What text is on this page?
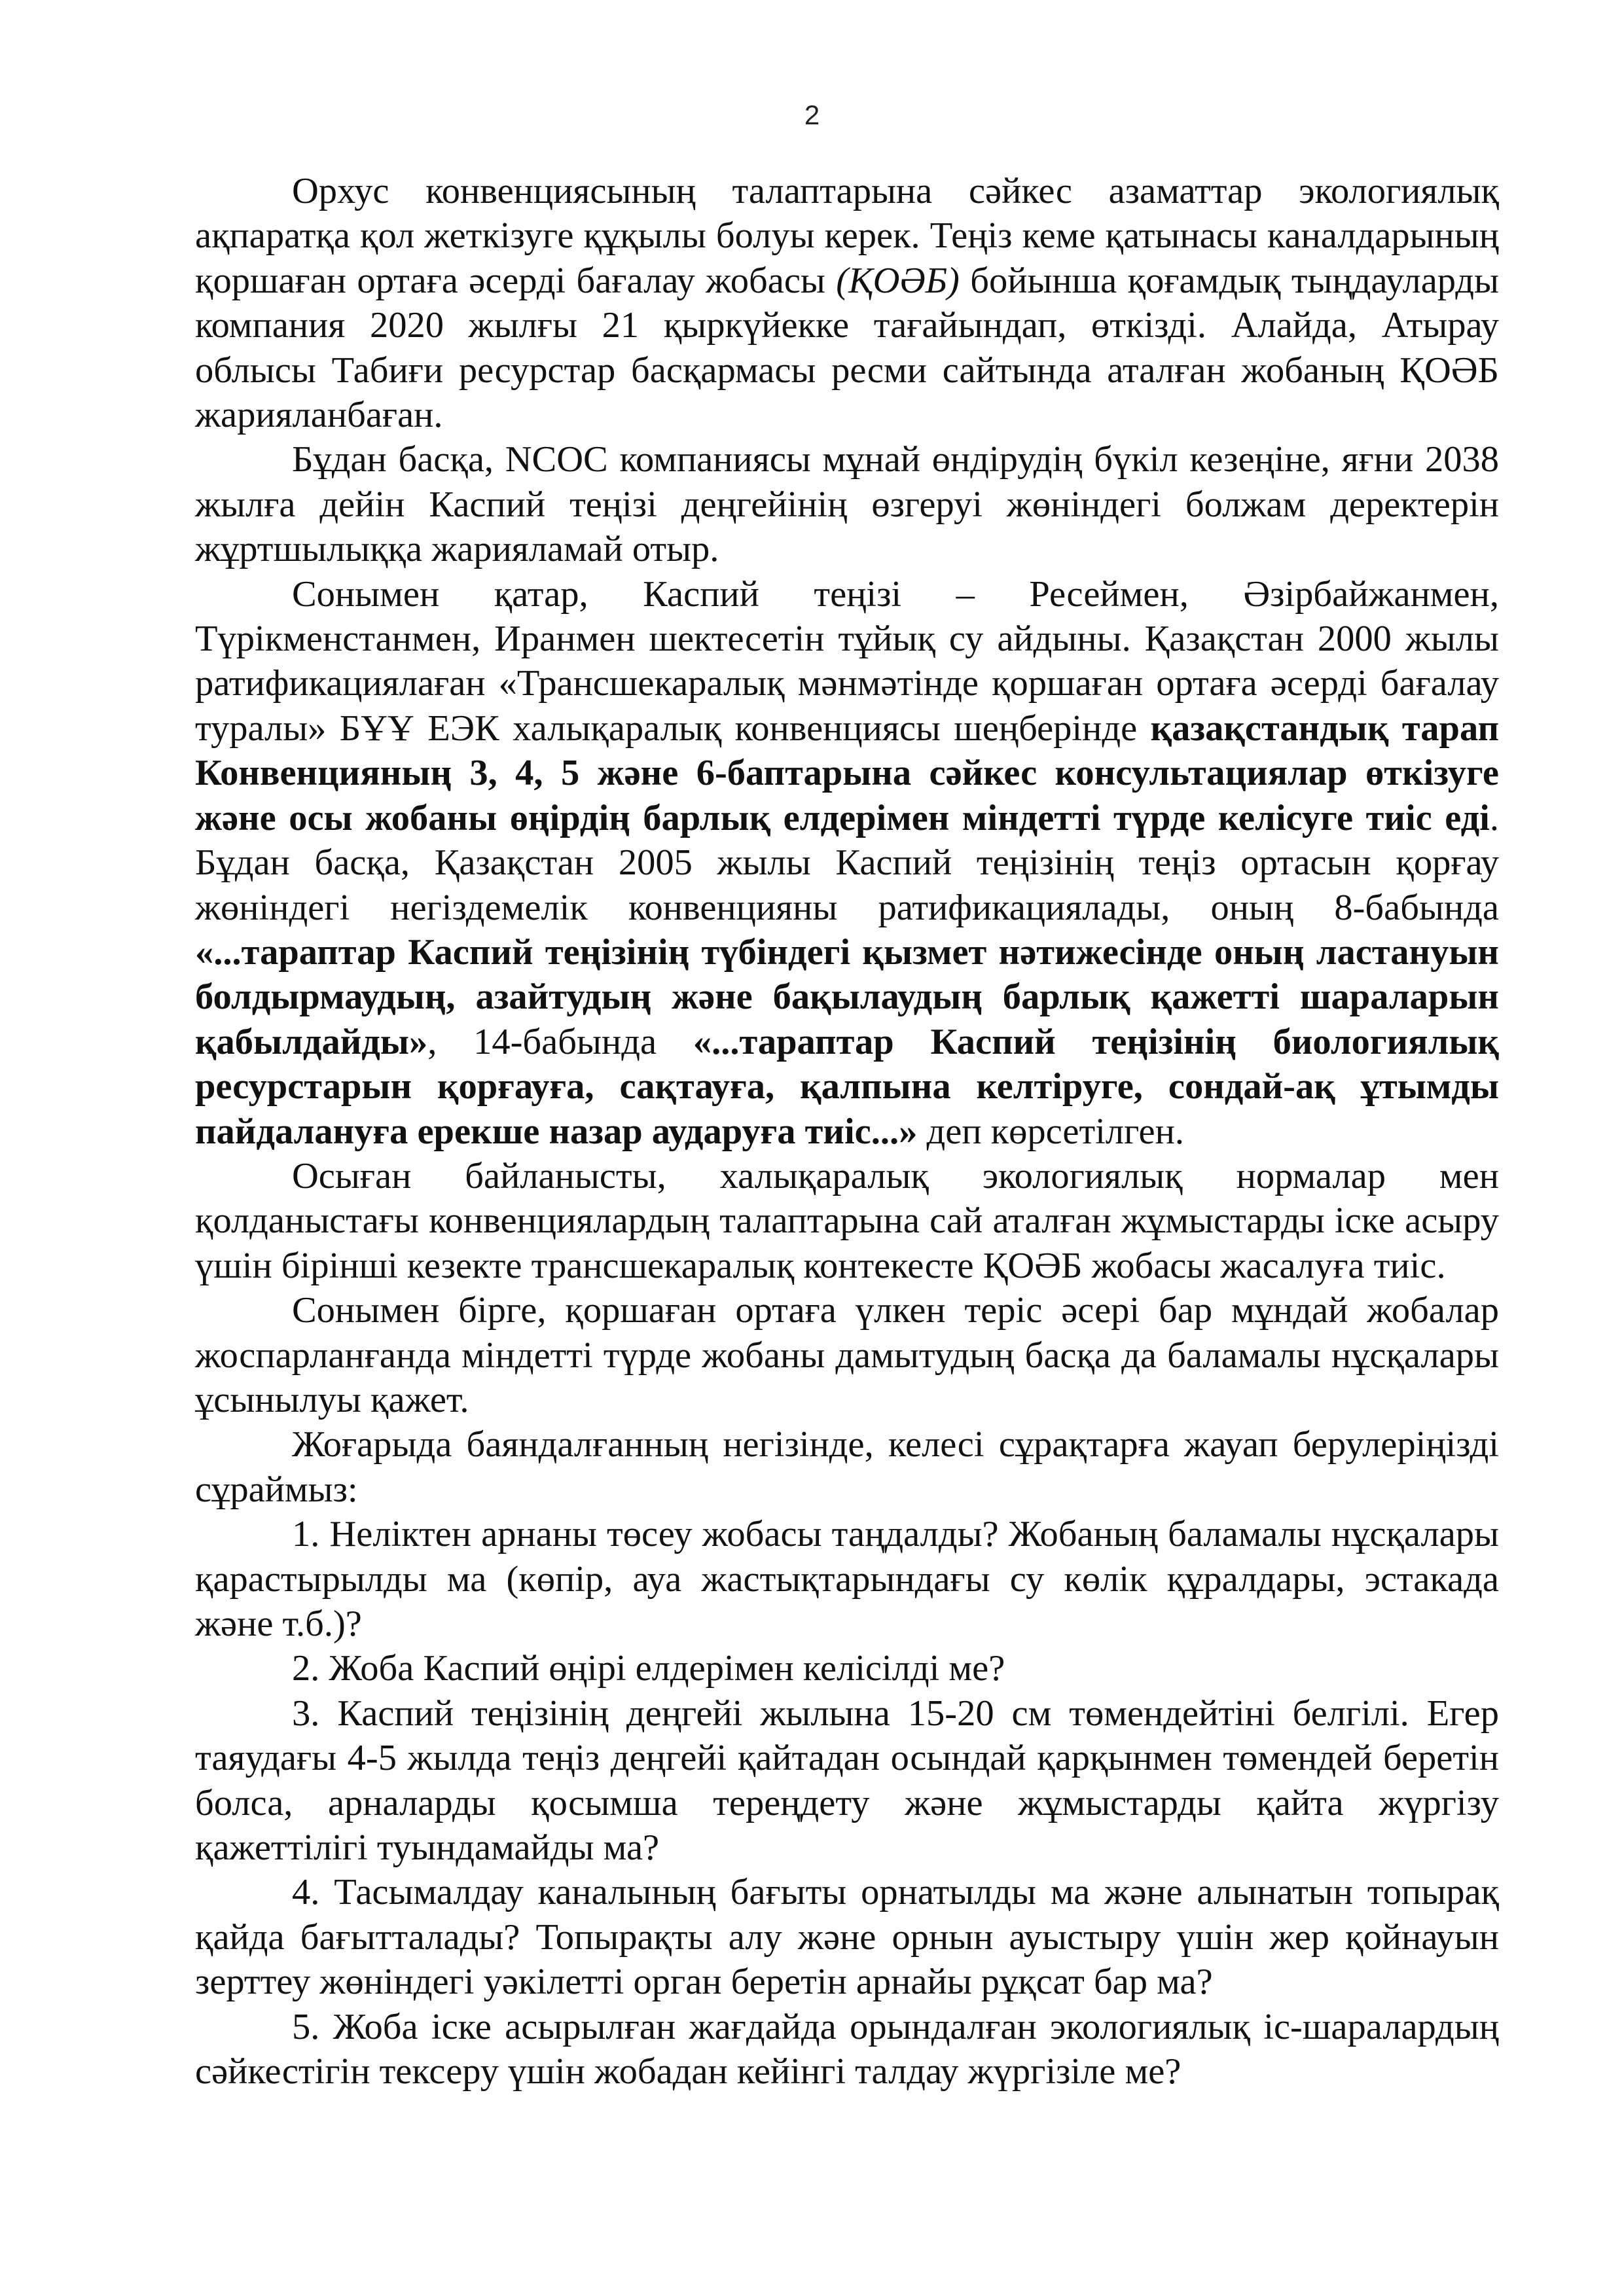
2

Орхус конвенциясының талаптарына сәйкес азаматтар экологиялық ақпаратқа қол жеткізуге құқылы болуы керек. Теңіз кеме қатынасы каналдарының қоршаған ортаға әсерді бағалау жобасы (ҚОӘБ) бойынша қоғамдық тыңдауларды компания 2020 жылғы 21 қыркүйекке тағайындап, өткізді. Алайда, Атырау облысы Табиғи ресурстар басқармасы ресми сайтында аталған жобаның ҚОӘБ жарияланбаған.

Бұдан басқа, NCOC компаниясы мұнай өндірудің бүкіл кезеңіне, яғни 2038 жылға дейін Каспий теңізі деңгейінің өзгеруі жөніндегі болжам деректерін жұртшылыққа жарияламай отыр.

Сонымен қатар, Каспий теңізі – Ресеймен, Әзірбайжанмен, Түрікменстанмен, Иранмен шектесетін тұйық су айдыны. Қазақстан 2000 жылы ратификациялаған «Трансшекаралық мәнмәтінде қоршаған ортаға әсерді бағалау туралы» БҰҰ ЕЭК халықаралық конвенциясы шеңберінде қазақстандық тарап Конвенцияның 3, 4, 5 және 6-баптарына сәйкес консультациялар өткізуге және осы жобаны өңірдің барлық елдерімен міндетті түрде келісуге тиіс еді. Бұдан басқа, Қазақстан 2005 жылы Каспий теңізінің теңіз ортасын қорғау жөніндегі негіздемелік конвенцияны ратификациялады, оның 8-бабында «...тараптар Каспий теңізінің түбіндегі қызмет нәтижесінде оның ластануын болдырмаудың, азайтудың және бақылаудың барлық қажетті шараларын қабылдайды», 14-бабында «...тараптар Каспий теңізінің биологиялық ресурстарын қорғауға, сақтауға, қалпына келтіруге, сондай-ақ ұтымды пайдалануға ерекше назар аударуға тиіс...» деп көрсетілген.

Осыған байланысты, халықаралық экологиялық нормалар мен қолданыстағы конвенциялардың талаптарына сай аталған жұмыстарды іске асыру үшін бірінші кезекте трансшекаралық контекесте ҚОӘБ жобасы жасалуға тиіс.

Сонымен бірге, қоршаған ортаға үлкен теріс әсері бар мұндай жобалар жоспарланғанда міндетті түрде жобаны дамытудың басқа да баламалы нұсқалары ұсынылуы қажет.

Жоғарыда баяндалғанның негізінде, келесі сұрақтарға жауап берулеріңізді сұраймыз:

1. Неліктен арнаны төсеу жобасы таңдалды? Жобаның баламалы нұсқалары қарастырылды ма (көпір, ауа жастықтарындағы су көлік құралдары, эстакада және т.б.)?

2. Жоба Каспий өңірі елдерімен келісілді ме?

3. Каспий теңізінің деңгейі жылына 15-20 см төмендейтіні белгілі. Егер таяудағы 4-5 жылда теңіз деңгейі қайтадан осындай қарқынмен төмендей беретін болса, арналарды қосымша тереңдету және жұмыстарды қайта жүргізу қажеттілігі туындамайды ма?

4. Тасымалдау каналының бағыты орнатылды ма және алынатын топырақ қайда бағытталады? Топырақты алу және орнын ауыстыру үшін жер қойнауын зерттеу жөніндегі уәкілетті орган беретін арнайы рұқсат бар ма?

5. Жоба іске асырылған жағдайда орындалған экологиялық іс-шаралардың сәйкестігін тексеру үшін жобадан кейінгі талдау жүргізіле ме?
